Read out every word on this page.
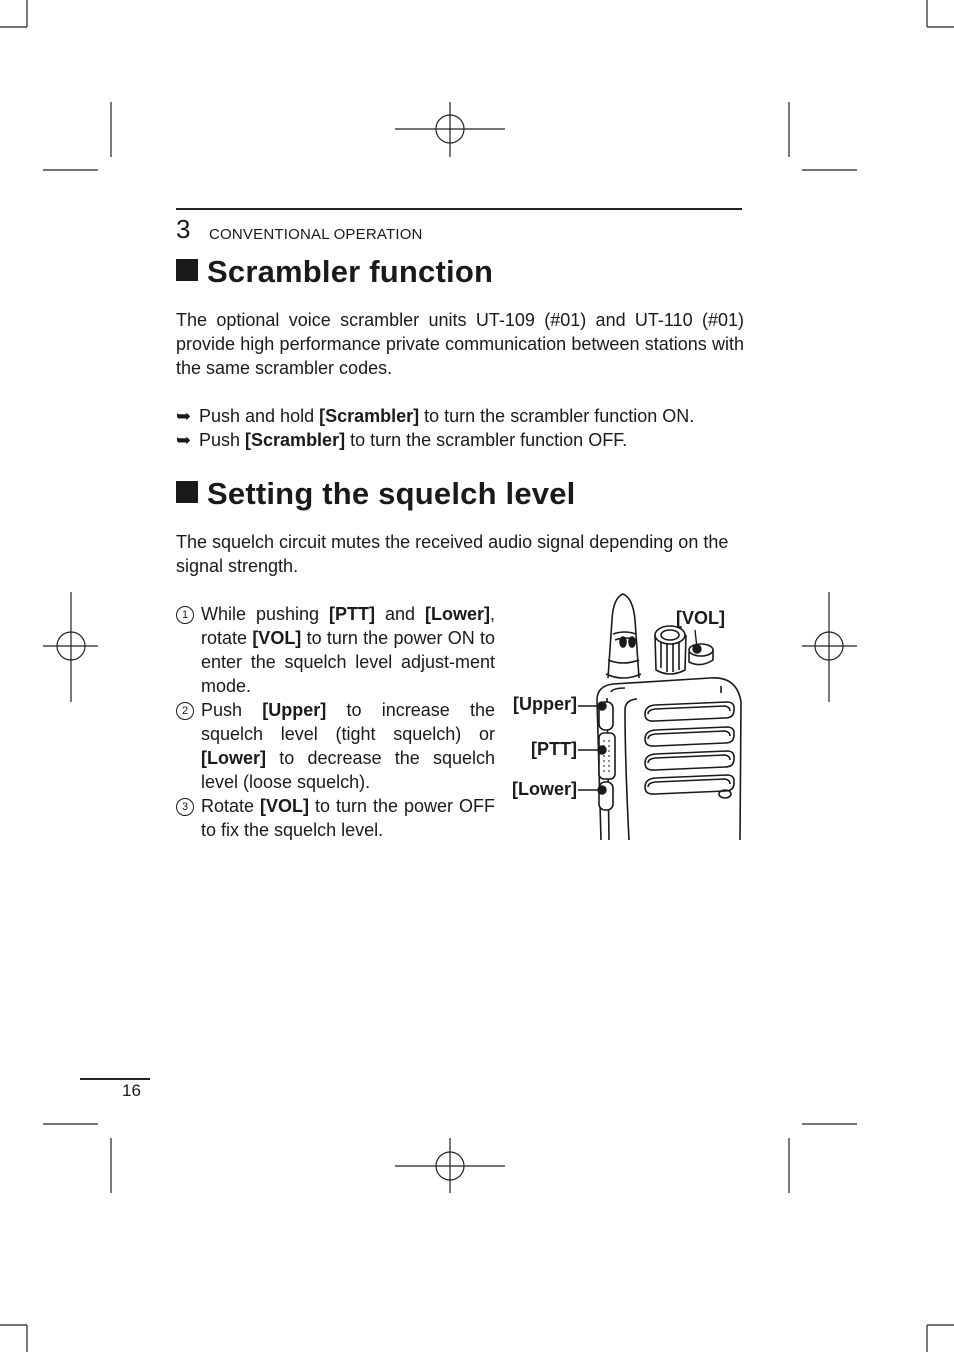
3 CONVENTIONAL OPERATION
Scrambler function

The optional voice scrambler units UT-109 (#01) and UT-110 (#01) provide high performance private communication between stations with the same scrambler codes.

➥ Push and hold [Scrambler] to turn the scrambler function ON.
➥ Push [Scrambler] to turn the scrambler function OFF.
Setting the squelch level

The squelch circuit mutes the received audio signal depending on the signal strength.

1 While pushing [PTT] and [Lower], rotate [VOL] to turn the power ON to enter the squelch level adjust-ment mode.

2 Push [Upper] to increase the squelch level (tight squelch) or [Lower] to decrease the squelch level (loose squelch).

3 Rotate [VOL] to turn the power OFF to fix the squelch level.

[VOL]
[Upper]
[PTT]
[Lower]
16
